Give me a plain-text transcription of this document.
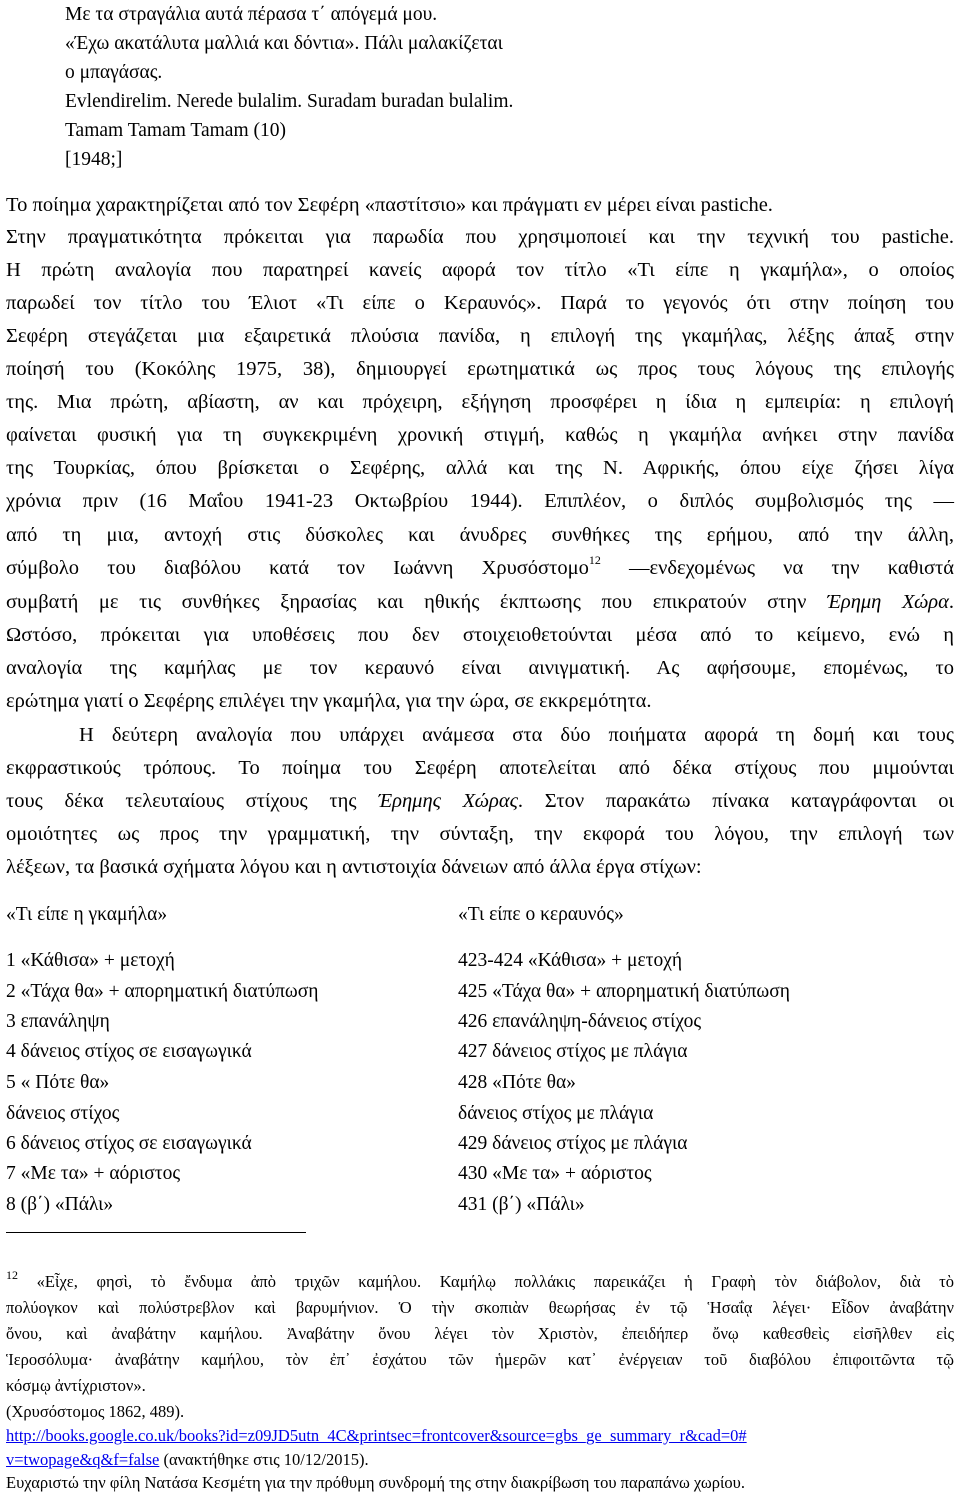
Με τα στραγάλια αυτά πέρασα τ΄ απόγεμά μου.
«Έχω ακατάλυτα μαλλιά και δόντια». Πάλι μαλακίζεται
ο μπαγάσας.
Evlendirelim. Nerede bulalim. Suradam buradan bulalim.
Tamam Tamam Tamam (10)
[1948;]
Το ποίημα χαρακτηρίζεται από τον Σεφέρη «παστίτσιο» και πράγματι εν μέρει είναι pastiche.
Στην πραγματικότητα πρόκειται για παρωδία που χρησιμοποιεί και την τεχνική του pastiche.
Η πρώτη αναλογία που παρατηρεί κανείς αφορά τον τίτλο «Τι είπε η γκαμήλα», ο οποίος
παρωδεί τον τίτλο του Έλιοτ «Τι είπε ο Κεραυνός». Παρά το γεγονός ότι στην ποίηση του
Σεφέρη στεγάζεται μια εξαιρετικά πλούσια πανίδα, η επιλογή της γκαμήλας, λέξης άπαξ στην
ποίησή του (Κοκόλης 1975, 38), δημιουργεί ερωτηματικά ως προς τους λόγους της επιλογής
της. Μια πρώτη, αβίαστη, αν και πρόχειρη, εξήγηση προσφέρει η ίδια η εμπειρία: η επιλογή
φαίνεται φυσική για τη συγκεκριμένη χρονική στιγμή, καθώς η γκαμήλα ανήκει στην πανίδα
της Τουρκίας, όπου βρίσκεται ο Σεφέρης, αλλά και της Ν. Αφρικής, όπου είχε ζήσει λίγα
χρόνια πριν (16 Μαΐου 1941-23 Οκτωβρίου 1944). Επιπλέον, ο διπλός συμβολισμός της —
από τη μια, αντοχή στις δύσκολες και άνυδρες συνθήκες της ερήμου, από την άλλη,
σύμβολο του διαβόλου κατά τον Ιωάννη Χρυσόστομο$^{12}$ —ενδεχομένως να την καθιστά
συμβατή με τις συνθήκες ξηρασίας και ηθικής έκπτωσης που επικρατούν στην Έρημη Χώρα.
Ωστόσο, πρόκειται για υποθέσεις που δεν στοιχειοθετούνται μέσα από το κείμενο, ενώ η
αναλογία της καμήλας με τον κεραυνό είναι αινιγματική. Ας αφήσουμε, επομένως, το
ερώτημα γιατί ο Σεφέρης επιλέγει την γκαμήλα, για την ώρα, σε εκκρεμότητα.
Η δεύτερη αναλογία που υπάρχει ανάμεσα στα δύο ποιήματα αφορά τη δομή και τους
εκφραστικούς τρόπους. Το ποίημα του Σεφέρη αποτελείται από δέκα στίχους που μιμούνται
τους δέκα τελευταίους στίχους της Έρημης Χώρας. Στον παρακάτω πίνακα καταγράφονται οι
ομοιότητες ως προς την γραμματική, την σύνταξη, την εκφορά του λόγου, την επιλογή των
λέξεων, τα βασικά σχήματα λόγου και η αντιστοιχία δάνειων από άλλα έργα στίχων:
«Τι είπε η γκαμήλα»	«Τι είπε ο κεραυνός»
1 «Κάθισα» + μετοχή	423-424 «Κάθισα» + μετοχή
2 «Τάχα θα» + απορηματική διατύπωση	425 «Τάχα θα» + απορηματική διατύπωση
3 επανάληψη	426 επανάληψη-δάνειος στίχος
4 δάνειος στίχος σε εισαγωγικά	427 δάνειος στίχος με πλάγια
5 « Πότε θα»	428 «Πότε θα»
δάνειος στίχος	δάνειος στίχος με πλάγια
6 δάνειος στίχος σε εισαγωγικά	429 δάνειος στίχος με πλάγια
7 «Με τα» + αόριστος	430 «Με τα» + αόριστος
8 (β΄) «Πάλι»	431 (β΄) «Πάλι»
$^{12}$ «Εἶχε, φησὶ, τὸ ἔνδυμα ἀπὸ τριχῶν καμήλου. Καμήλῳ πολλάκις παρεικάζει ἡ Γραφὴ τὸν διάβολον, διὰ τὸ
πολύογκον καὶ πολύστρεβλον καὶ βαρυμήνιον. Ὁ τὴν σκοπιὰν θεωρήσας ἐν τῷ Ἡσαΐᾳ λέγει· Εἶδον ἀναβάτην
ὄνου, καὶ ἀναβάτην καμήλου. Ἀναβάτην ὄνου λέγει τὸν Χριστὸν, ἐπειδήπερ ὄνῳ καθεσθεὶς εἰσῆλθεν εἰς
Ἱεροσόλυμα· ἀναβάτην καμήλου, τὸν ἐπ᾽ ἐσχάτου τῶν ἡμερῶν κατ᾽ ἐνέργειαν τοῦ διαβόλου ἐπιφοιτῶντα τῷ
κόσμῳ ἀντίχριστον».
(Χρυσόστομος 1862, 489).
http://books.google.co.uk/books?id=z09JD5utn_4C&printsec=frontcover&source=gbs_ge_summary_r&cad=0#
v=twopage&q&f=false (ανακτήθηκε στις 10/12/2015).
Ευχαριστώ την φίλη Νατάσα Κεσμέτη για την πρόθυμη συνδρομή της στην διακρίβωση του παραπάνω χωρίου.
